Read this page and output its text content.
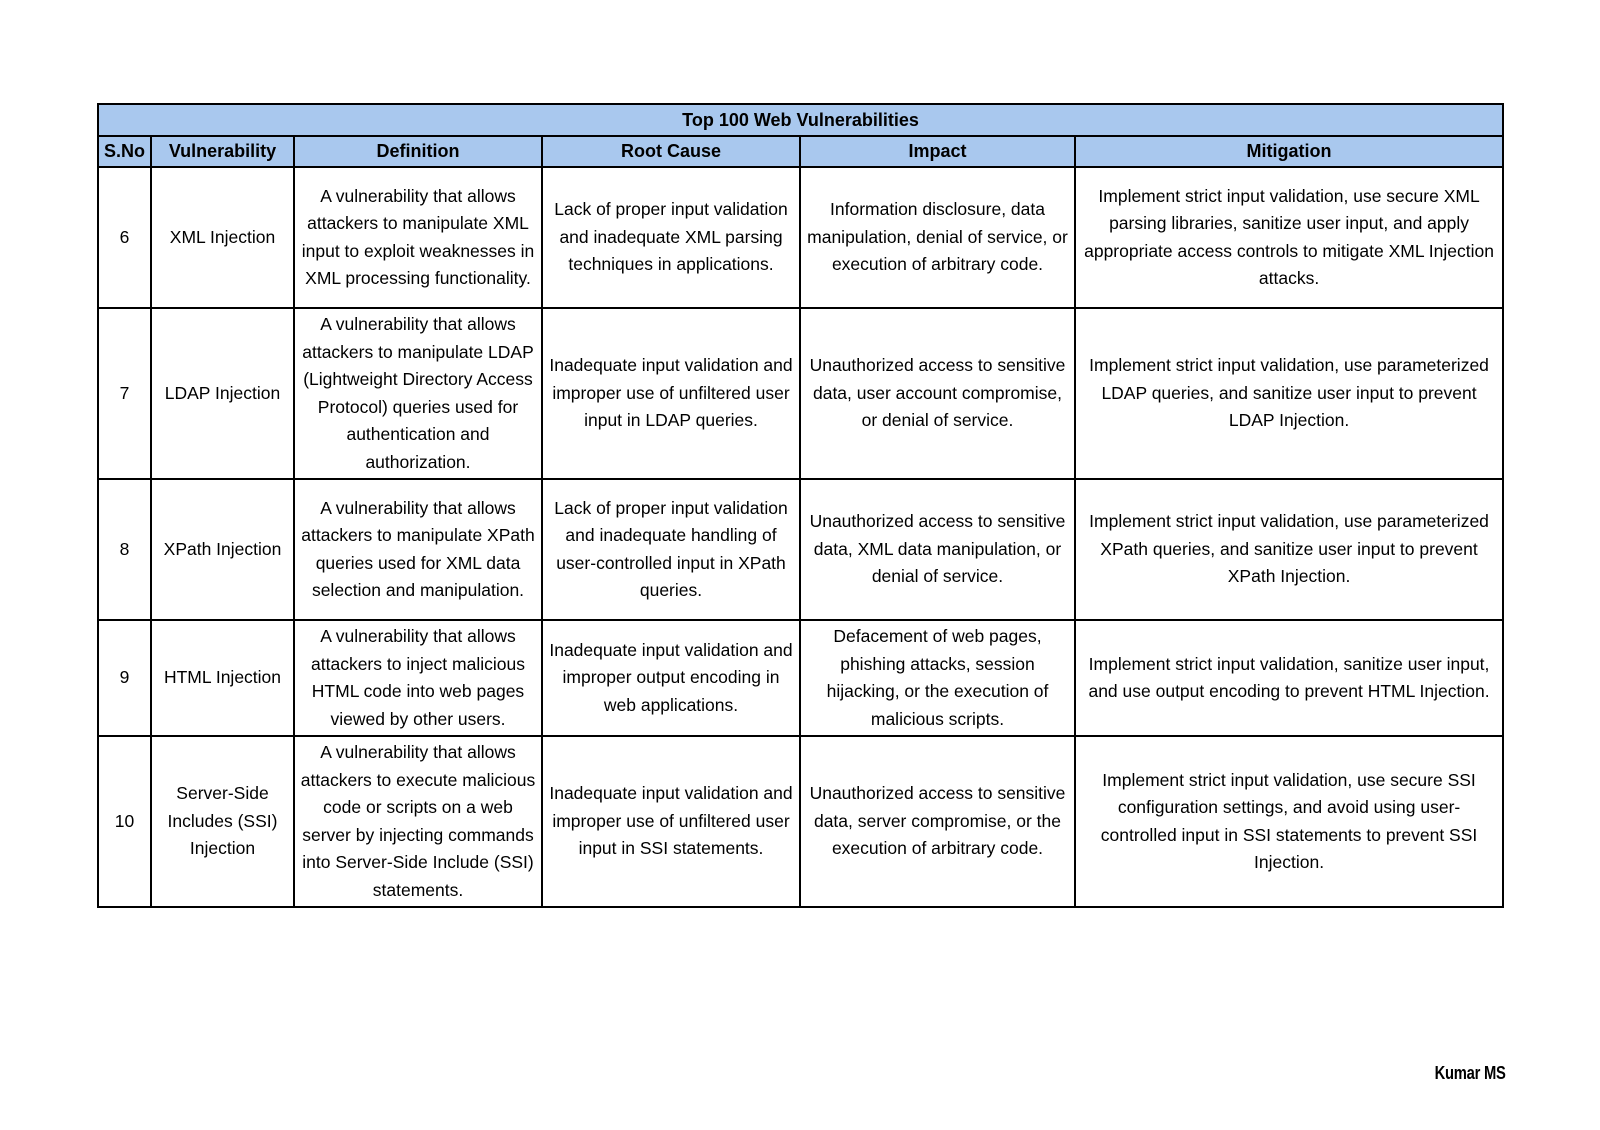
Top 100 Web Vulnerabilities					
S.No	Vulnerability	Definition	Root Cause	Impact	Mitigation
6	XML Injection	A vulnerability that allows attackers to manipulate XML input to exploit weaknesses in XML processing functionality.	Lack of proper input validation and inadequate XML parsing techniques in applications.	Information disclosure, data manipulation, denial of service, or execution of arbitrary code.	Implement strict input validation, use secure XML parsing libraries, sanitize user input, and apply appropriate access controls to mitigate XML Injection attacks.
7	LDAP Injection	A vulnerability that allows attackers to manipulate LDAP (Lightweight Directory Access Protocol) queries used for authentication and authorization.	Inadequate input validation and improper use of unfiltered user input in LDAP queries.	Unauthorized access to sensitive data, user account compromise, or denial of service.	Implement strict input validation, use parameterized LDAP queries, and sanitize user input to prevent LDAP Injection.
8	XPath Injection	A vulnerability that allows attackers to manipulate XPath queries used for XML data selection and manipulation.	Lack of proper input validation and inadequate handling of user-controlled input in XPath queries.	Unauthorized access to sensitive data, XML data manipulation, or denial of service.	Implement strict input validation, use parameterized XPath queries, and sanitize user input to prevent XPath Injection.
9	HTML Injection	A vulnerability that allows attackers to inject malicious HTML code into web pages viewed by other users.	Inadequate input validation and improper output encoding in web applications.	Defacement of web pages, phishing attacks, session hijacking, or the execution of malicious scripts.	Implement strict input validation, sanitize user input, and use output encoding to prevent HTML Injection.
10	Server-Side Includes (SSI) Injection	A vulnerability that allows attackers to execute malicious code or scripts on a web server by injecting commands into Server-Side Include (SSI) statements.	Inadequate input validation and improper use of unfiltered user input in SSI statements.	Unauthorized access to sensitive data, server compromise, or the execution of arbitrary code.	Implement strict input validation, use secure SSI configuration settings, and avoid using user-controlled input in SSI statements to prevent SSI Injection.
Kumar MS
